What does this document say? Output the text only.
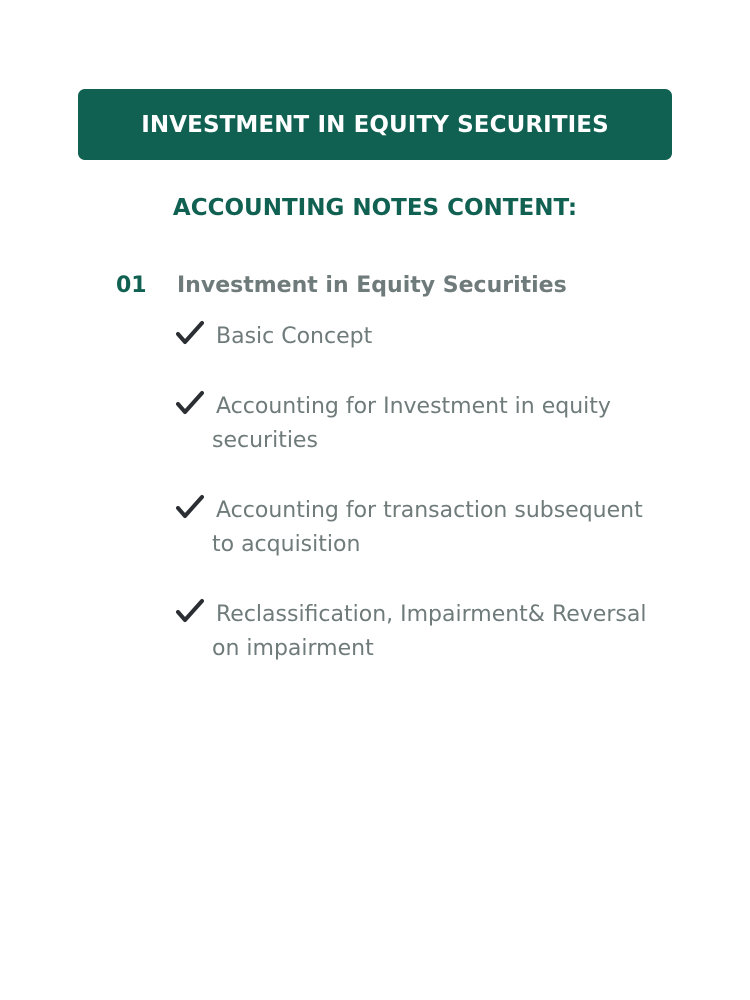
INVESTMENT IN EQUITY SECURITIES
ACCOUNTING NOTES CONTENT:
01 Investment in Equity Securities
Basic Concept
Accounting for Investment in equity securities
Accounting for transaction subsequent to acquisition
Reclassification, Impairment& Reversal on impairment
